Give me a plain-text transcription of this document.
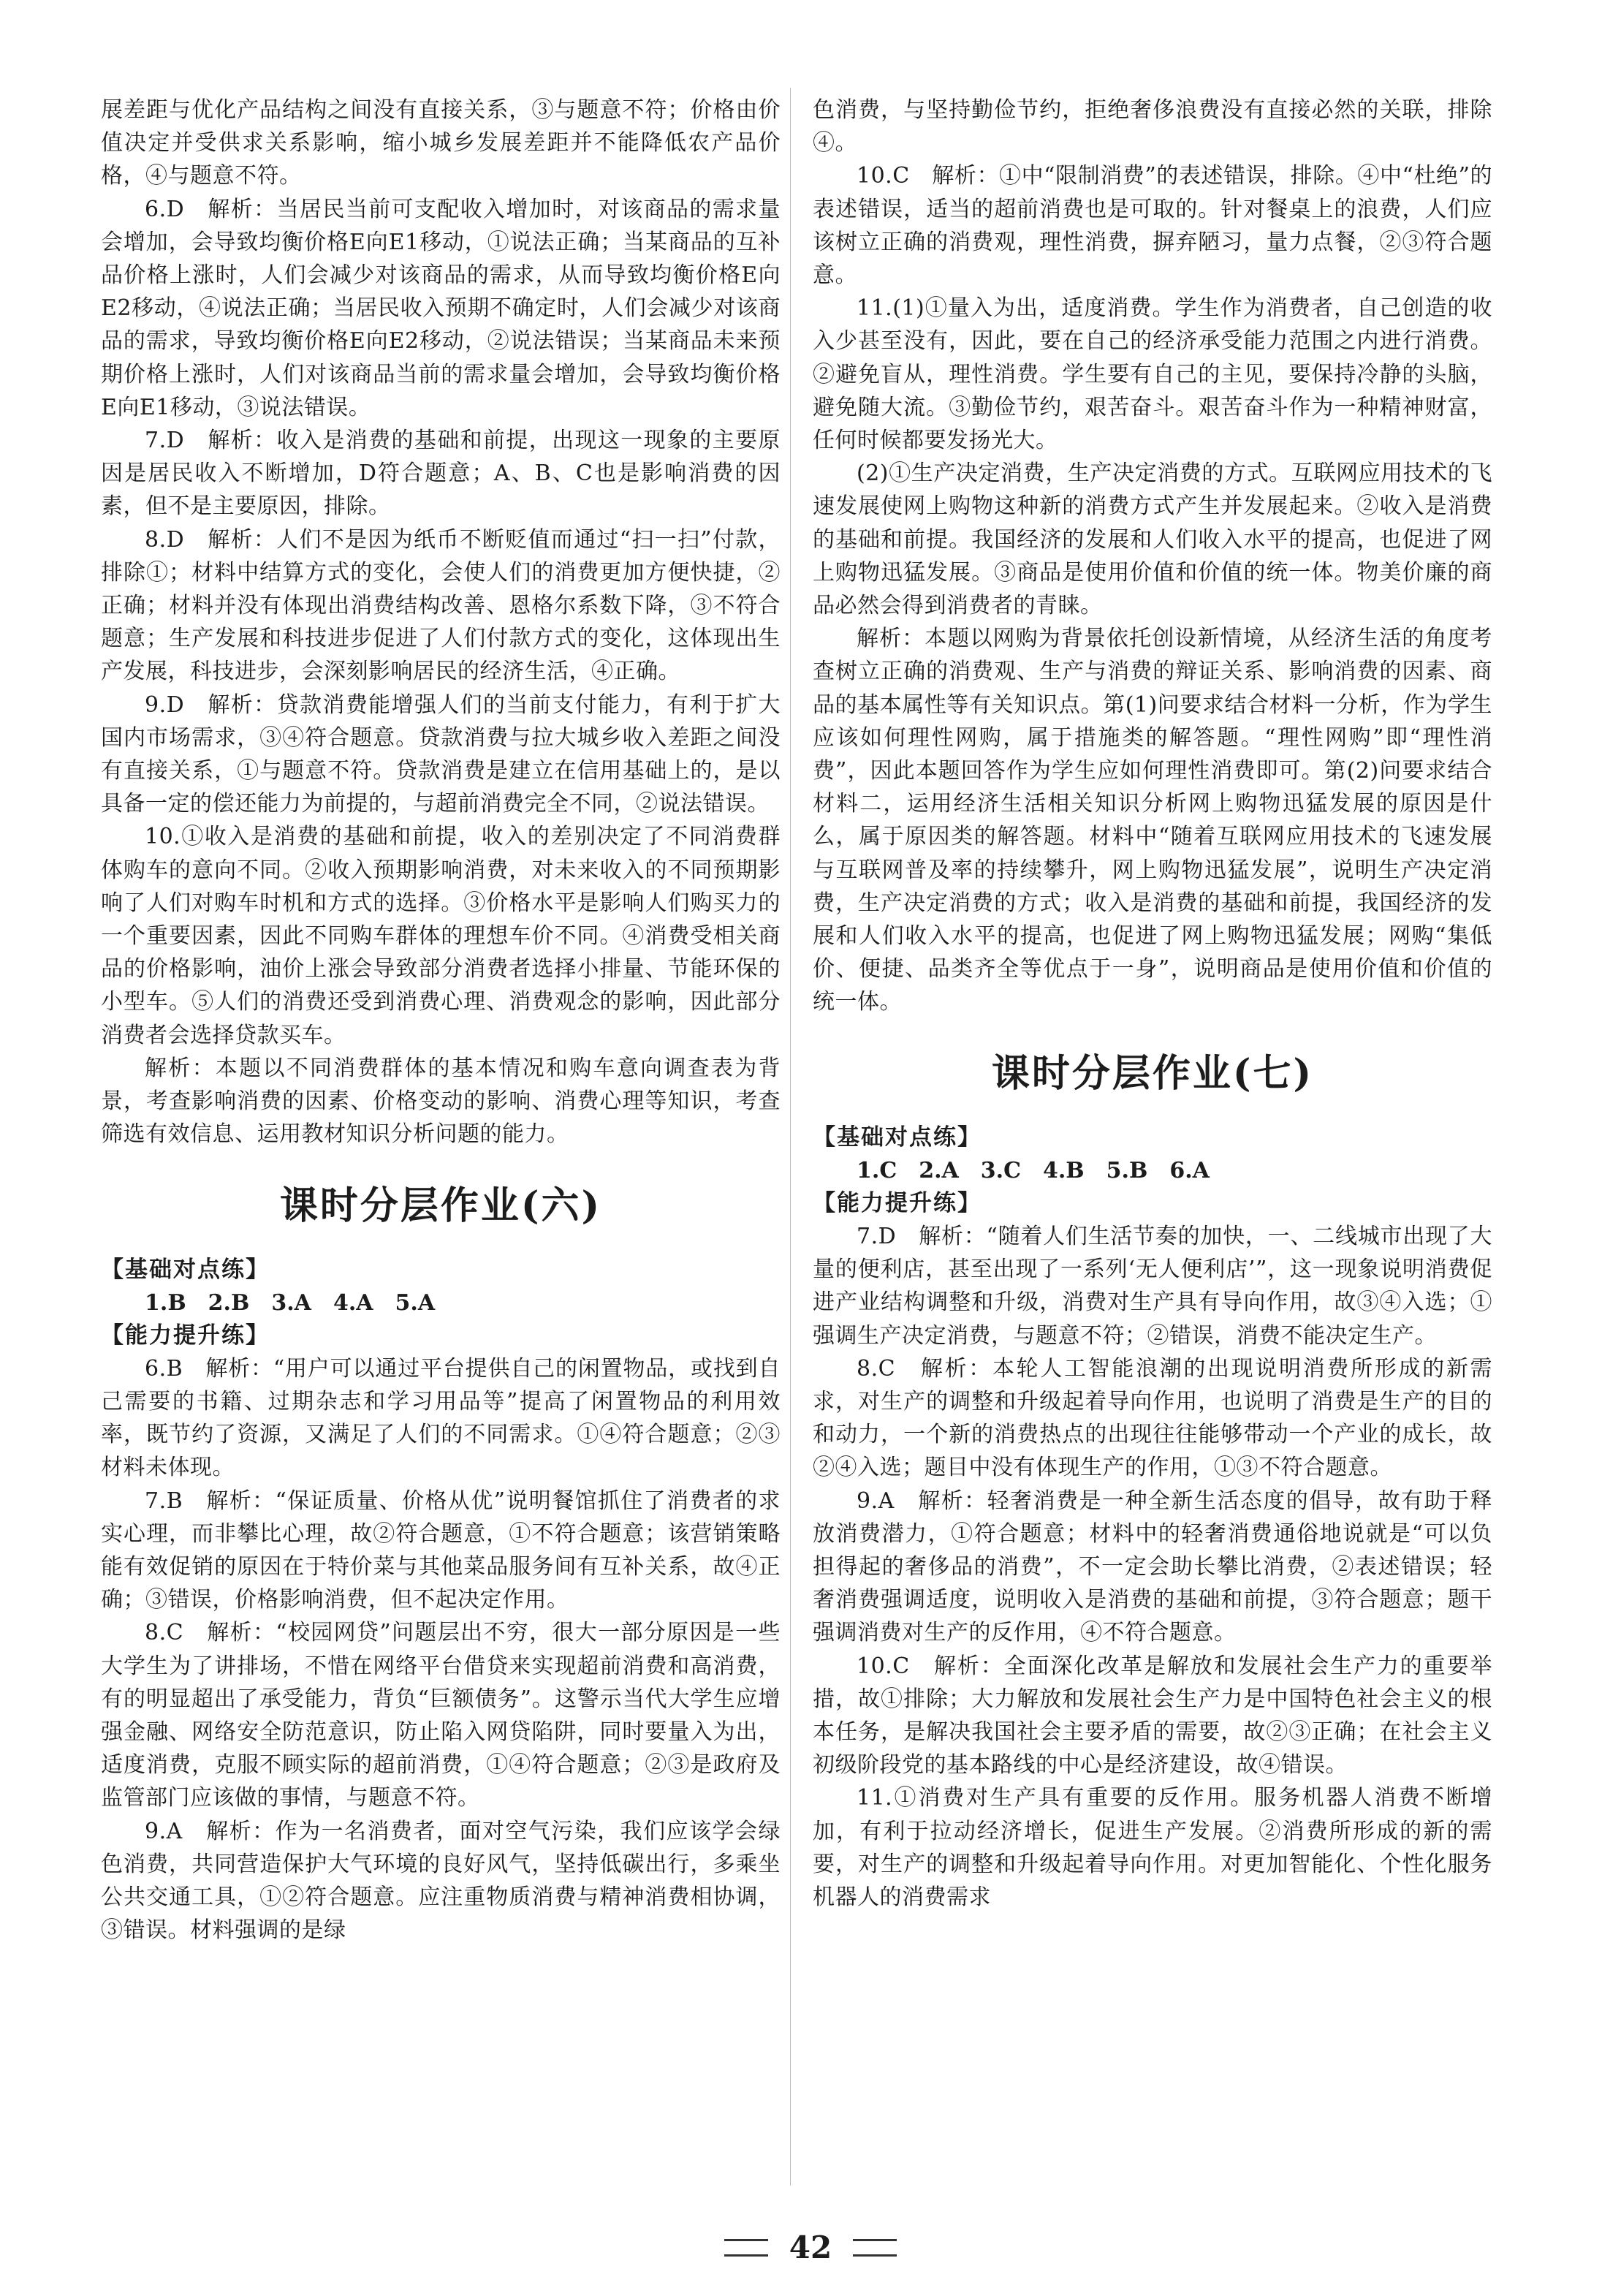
展差距与优化产品结构之间没有直接关系，③与题意不符；价格由价值决定并受供求关系影响，缩小城乡发展差距并不能降低农产品价格，④与题意不符。

6.D　解析：当居民当前可支配收入增加时，对该商品的需求量会增加，会导致均衡价格E向E1移动，①说法正确；当某商品的互补品价格上涨时，人们会减少对该商品的需求，从而导致均衡价格E向E2移动，④说法正确；当居民收入预期不确定时，人们会减少对该商品的需求，导致均衡价格E向E2移动，②说法错误；当某商品未来预期价格上涨时，人们对该商品当前的需求量会增加，会导致均衡价格E向E1移动，③说法错误。

7.D　解析：收入是消费的基础和前提，出现这一现象的主要原因是居民收入不断增加，D符合题意；A、B、C也是影响消费的因素，但不是主要原因，排除。

8.D　解析：人们不是因为纸币不断贬值而通过“扫一扫”付款，排除①；材料中结算方式的变化，会使人们的消费更加方便快捷，②正确；材料并没有体现出消费结构改善、恩格尔系数下降，③不符合题意；生产发展和科技进步促进了人们付款方式的变化，这体现出生产发展，科技进步，会深刻影响居民的经济生活，④正确。

9.D　解析：贷款消费能增强人们的当前支付能力，有利于扩大国内市场需求，③④符合题意。贷款消费与拉大城乡收入差距之间没有直接关系，①与题意不符。贷款消费是建立在信用基础上的，是以具备一定的偿还能力为前提的，与超前消费完全不同，②说法错误。

10.①收入是消费的基础和前提，收入的差别决定了不同消费群体购车的意向不同。②收入预期影响消费，对未来收入的不同预期影响了人们对购车时机和方式的选择。③价格水平是影响人们购买力的一个重要因素，因此不同购车群体的理想车价不同。④消费受相关商品的价格影响，油价上涨会导致部分消费者选择小排量、节能环保的小型车。⑤人们的消费还受到消费心理、消费观念的影响，因此部分消费者会选择贷款买车。

解析：本题以不同消费群体的基本情况和购车意向调查表为背景，考查影响消费的因素、价格变动的影响、消费心理等知识，考查筛选有效信息、运用教材知识分析问题的能力。

课时分层作业(六)

【基础对点练】

1.B　2.B　3.A　4.A　5.A

【能力提升练】

6.B　解析：“用户可以通过平台提供自己的闲置物品，或找到自己需要的书籍、过期杂志和学习用品等”提高了闲置物品的利用效率，既节约了资源，又满足了人们的不同需求。①④符合题意；②③材料未体现。

7.B　解析：“保证质量、价格从优”说明餐馆抓住了消费者的求实心理，而非攀比心理，故②符合题意，①不符合题意；该营销策略能有效促销的原因在于特价菜与其他菜品服务间有互补关系，故④正确；③错误，价格影响消费，但不起决定作用。

8.C　解析：“校园网贷”问题层出不穷，很大一部分原因是一些大学生为了讲排场，不惜在网络平台借贷来实现超前消费和高消费，有的明显超出了承受能力，背负“巨额债务”。这警示当代大学生应增强金融、网络安全防范意识，防止陷入网贷陷阱，同时要量入为出，适度消费，克服不顾实际的超前消费，①④符合题意；②③是政府及监管部门应该做的事情，与题意不符。

9.A　解析：作为一名消费者，面对空气污染，我们应该学会绿色消费，共同营造保护大气环境的良好风气，坚持低碳出行，多乘坐公共交通工具，①②符合题意。应注重物质消费与精神消费相协调，③错误。材料强调的是绿

色消费，与坚持勤俭节约，拒绝奢侈浪费没有直接必然的关联，排除④。

10.C　解析：①中“限制消费”的表述错误，排除。④中“杜绝”的表述错误，适当的超前消费也是可取的。针对餐桌上的浪费，人们应该树立正确的消费观，理性消费，摒弃陋习，量力点餐，②③符合题意。

11.(1)①量入为出，适度消费。学生作为消费者，自己创造的收入少甚至没有，因此，要在自己的经济承受能力范围之内进行消费。②避免盲从，理性消费。学生要有自己的主见，要保持冷静的头脑，避免随大流。③勤俭节约，艰苦奋斗。艰苦奋斗作为一种精神财富，任何时候都要发扬光大。

(2)①生产决定消费，生产决定消费的方式。互联网应用技术的飞速发展使网上购物这种新的消费方式产生并发展起来。②收入是消费的基础和前提。我国经济的发展和人们收入水平的提高，也促进了网上购物迅猛发展。③商品是使用价值和价值的统一体。物美价廉的商品必然会得到消费者的青睐。

解析：本题以网购为背景依托创设新情境，从经济生活的角度考查树立正确的消费观、生产与消费的辩证关系、影响消费的因素、商品的基本属性等有关知识点。第(1)问要求结合材料一分析，作为学生应该如何理性网购，属于措施类的解答题。“理性网购”即“理性消费”，因此本题回答作为学生应如何理性消费即可。第(2)问要求结合材料二，运用经济生活相关知识分析网上购物迅猛发展的原因是什么，属于原因类的解答题。材料中“随着互联网应用技术的飞速发展与互联网普及率的持续攀升，网上购物迅猛发展”，说明生产决定消费，生产决定消费的方式；收入是消费的基础和前提，我国经济的发展和人们收入水平的提高，也促进了网上购物迅猛发展；网购“集低价、便捷、品类齐全等优点于一身”，说明商品是使用价值和价值的统一体。

课时分层作业(七)

【基础对点练】

1.C　2.A　3.C　4.B　5.B　6.A

【能力提升练】

7.D　解析：“随着人们生活节奏的加快，一、二线城市出现了大量的便利店，甚至出现了一系列‘无人便利店’”，这一现象说明消费促进产业结构调整和升级，消费对生产具有导向作用，故③④入选；①强调生产决定消费，与题意不符；②错误，消费不能决定生产。

8.C　解析：本轮人工智能浪潮的出现说明消费所形成的新需求，对生产的调整和升级起着导向作用，也说明了消费是生产的目的和动力，一个新的消费热点的出现往往能够带动一个产业的成长，故②④入选；题目中没有体现生产的作用，①③不符合题意。

9.A　解析：轻奢消费是一种全新生活态度的倡导，故有助于释放消费潜力，①符合题意；材料中的轻奢消费通俗地说就是“可以负担得起的奢侈品的消费”，不一定会助长攀比消费，②表述错误；轻奢消费强调适度，说明收入是消费的基础和前提，③符合题意；题干强调消费对生产的反作用，④不符合题意。

10.C　解析：全面深化改革是解放和发展社会生产力的重要举措，故①排除；大力解放和发展社会生产力是中国特色社会主义的根本任务，是解决我国社会主要矛盾的需要，故②③正确；在社会主义初级阶段党的基本路线的中心是经济建设，故④错误。

11.①消费对生产具有重要的反作用。服务机器人消费不断增加，有利于拉动经济增长，促进生产发展。②消费所形成的新的需要，对生产的调整和升级起着导向作用。对更加智能化、个性化服务机器人的消费需求

42
